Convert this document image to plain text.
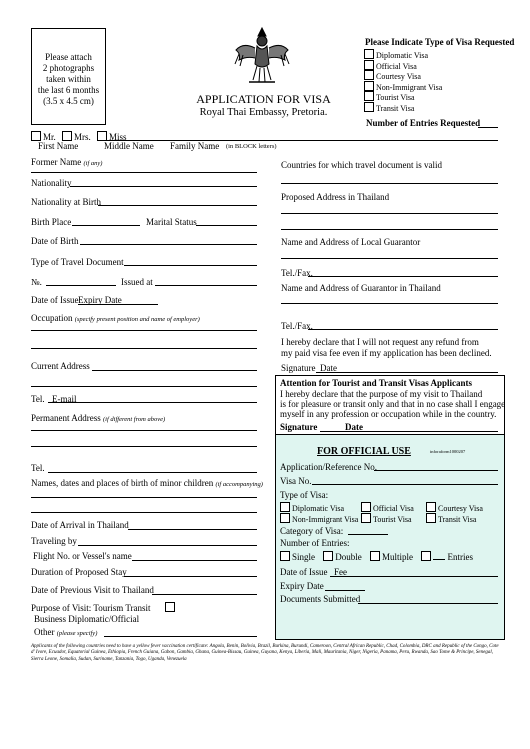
Please attach
2 photographs
taken within
the last 6 months
(3.5 x 4.5 cm)	APPLICATION FOR VISA
Royal Thai Embassy, Pretoria.
Please Indicate Type of Visa Requested
Diplomatic Visa
Official Visa
Courtesy Visa
Non-Immigrant Visa
Tourist Visa
Transit Visa
Number of Entries Requested
Mr. Mrs. Miss
First Name	Middle Name Family Name (in BLOCK letters)
Former Name (if any)
Nationality
Nationality at Birth
Birth Place	Marital Status
Date of Birth
Type of Travel Document
№.	Issued at
Date of Issue Expiry Date
Occupation (specify present position and name of employer)
Current Address
Tel. E-mail
Permanent Address (if different from above)
Tel.
Names, dates and places of birth of minor children (if accompanying)
Date of Arrival in Thailand
Traveling by
Flight No. or Vessel's name
Duration of Proposed Stay
Date of Previous Visit to Thailand
Purpose of Visit: Tourism Transit
Business Diplomatic/Official
Other (please specify)
Countries for which travel document is valid
Proposed Address in Thailand
Name and Address of Local Guarantor
Tel./Fax.
Name and Address of Guarantor in Thailand
Tel./Fax.
I hereby declare that I will not request any refund from
my paid visa fee even if my application has been declined.
Signature Date
Attention for Tourist and Transit Visas Applicants
I hereby declare that the purpose of my visit to Thailand
is for pleasure or transit only and that in no case shall I engage
myself in any profession or occupation while in the country.
Signature	Date
FOR OFFICIAL USE	inforaform1000207
Application/Reference No.
Visa No.
Type of Visa:
Diplomatic Visa	Official Visa	Courtesy Visa
Non-Immigrant Visa	Tourist Visa	Transit Visa
Category of Visa:
Number of Entries:
Single Double Multiple	Entries
Date of Issue Fee
Expiry Date
Documents Submitted
Applicants of the following countries need to have a yellow fever vaccination certificate: Angola, Benin, Bolivia, Brazil, Burkina, Burundi, Cameroon, Central African Republic, Chad, Colombia, DRC and Republic of the Congo, Cote d' Ivore, Ecuador, Equatorial Guinea, Ethiopia, French Guiana, Gabon, Gambia, Ghana, Guinea-Bissau, Guinea, Guyana, Kenya, Liberia, Mali, Mauritania, Niger, Nigeria, Panama, Peru, Rwanda, Sao Tome & Principe, Senegal, Sierra Leone, Somalia, Sudan, Suriname, Tanzania, Togo, Uganda, Venezuela
